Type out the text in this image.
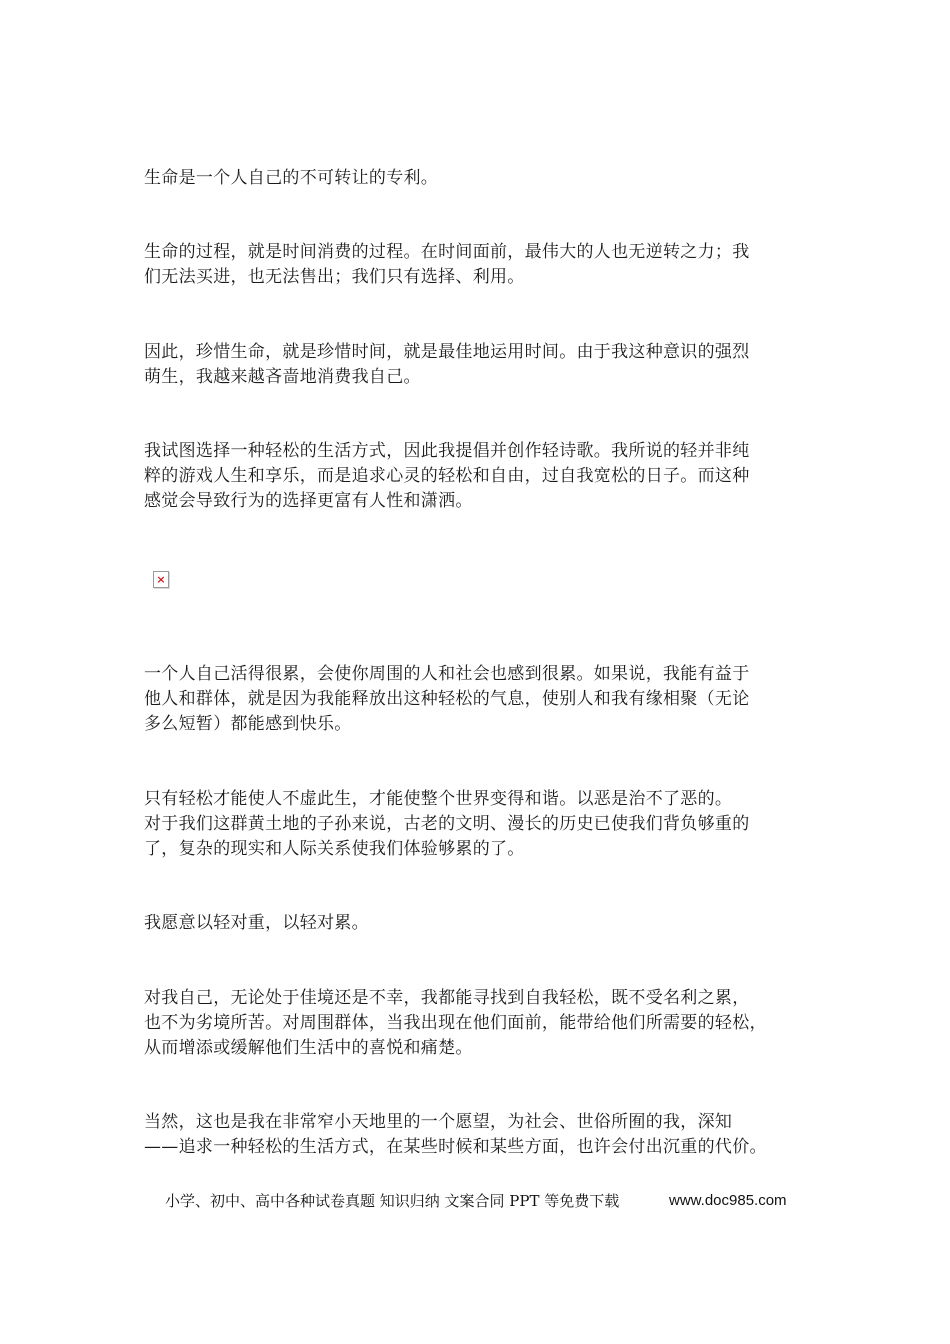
生命是一个人自己的不可转让的专利。

生命的过程，就是时间消费的过程。在时间面前，最伟大的人也无逆转之力；我
们无法买进，也无法售出；我们只有选择、利用。

因此，珍惜生命，就是珍惜时间，就是最佳地运用时间。由于我这种意识的强烈
萌生，我越来越吝啬地消费我自己。

我试图选择一种轻松的生活方式，因此我提倡并创作轻诗歌。我所说的轻并非纯
粹的游戏人生和享乐，而是追求心灵的轻松和自由，过自我宽松的日子。而这种
感觉会导致行为的选择更富有人性和潇洒。

×

一个人自己活得很累，会使你周围的人和社会也感到很累。如果说，我能有益于
他人和群体，就是因为我能释放出这种轻松的气息，使别人和我有缘相聚（无论
多么短暂）都能感到快乐。

只有轻松才能使人不虚此生，才能使整个世界变得和谐。以恶是治不了恶的。
对于我们这群黄土地的子孙来说，古老的文明、漫长的历史已使我们背负够重的
了，复杂的现实和人际关系使我们体验够累的了。

我愿意以轻对重，以轻对累。

对我自己，无论处于佳境还是不幸，我都能寻找到自我轻松，既不受名利之累，
也不为劣境所苦。对周围群体，当我出现在他们面前，能带给他们所需要的轻松，
从而增添或缓解他们生活中的喜悦和痛楚。

当然，这也是我在非常窄小天地里的一个愿望，为社会、世俗所囿的我，深知
——追求一种轻松的生活方式，在某些时候和某些方面，也许会付出沉重的代价。

小学、初中、高中各种试卷真题 知识归纳 文案合同 PPT 等免费下载	www.doc985.com
